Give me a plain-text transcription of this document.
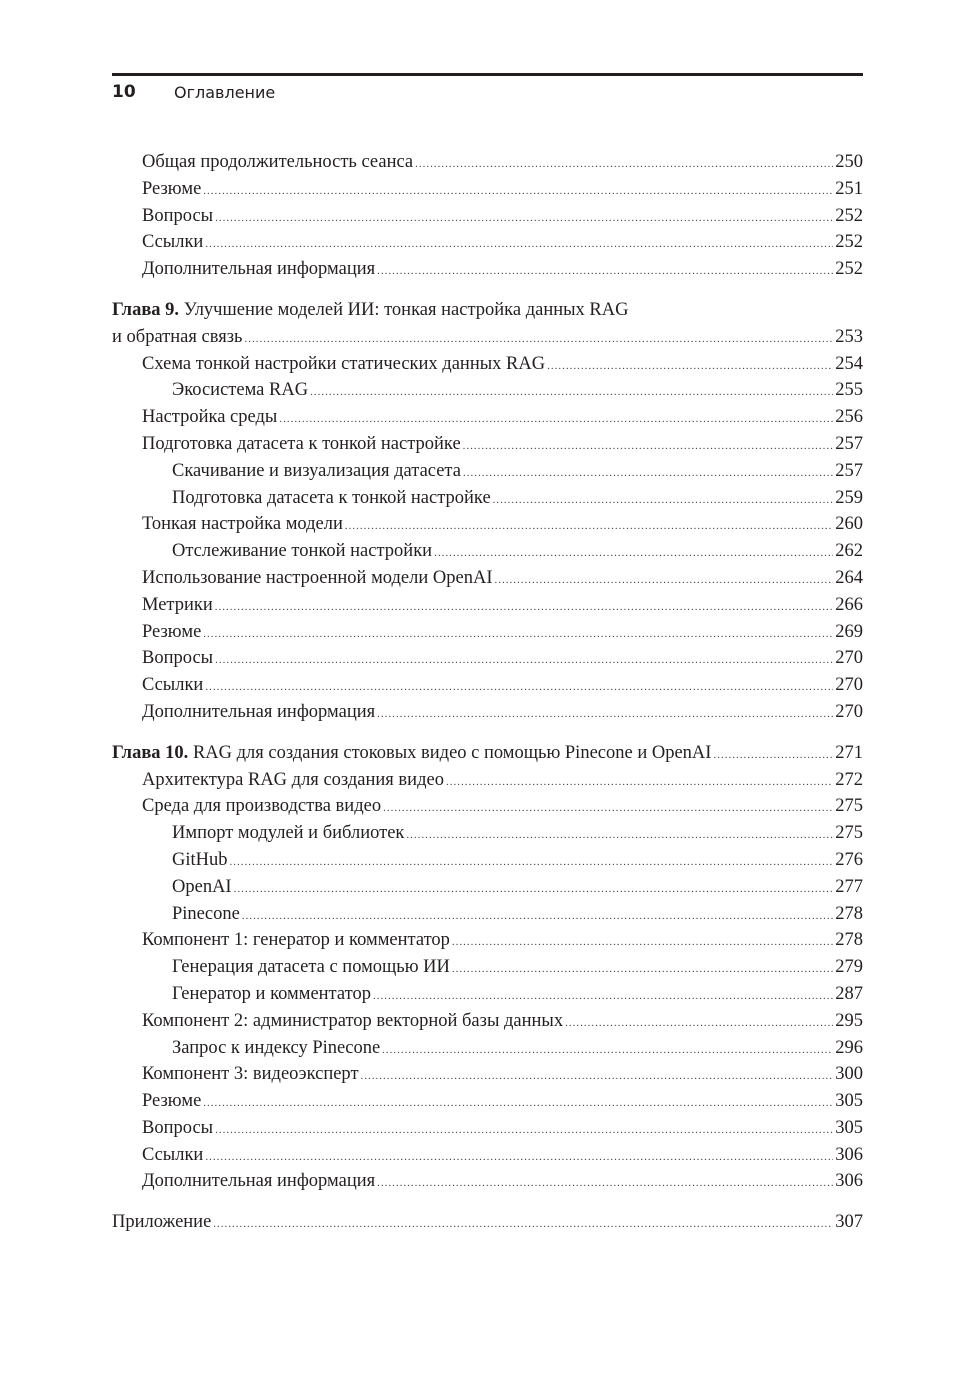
10 Оглавление
Общая продолжительность сеанса .....	250
Резюме .....	251
Вопросы .....	252
Ссылки .....	252
Дополнительная информация .....	252
Глава 9. Улучшение моделей ИИ: тонкая настройка данных RAG
и обратная связь .....	253
Схема тонкой настройки статических данных RAG .....	254
Экосистема RAG .....	255
Настройка среды .....	256
Подготовка датасета к тонкой настройке .....	257
Скачивание и визуализация датасета .....	257
Подготовка датасета к тонкой настройке .....	259
Тонкая настройка модели .....	260
Отслеживание тонкой настройки .....	262
Использование настроенной модели OpenAI .....	264
Метрики .....	266
Резюме .....	269
Вопросы .....	270
Ссылки .....	270
Дополнительная информация .....	270
Глава 10. RAG для создания стоковых видео с помощью Pinecone и OpenAI .....	271
Архитектура RAG для создания видео .....	272
Среда для производства видео .....	275
Импорт модулей и библиотек .....	275
GitHub .....	276
OpenAI .....	277
Pinecone .....	278
Компонент 1: генератор и комментатор .....	278
Генерация датасета с помощью ИИ .....	279
Генератор и комментатор .....	287
Компонент 2: администратор векторной базы данных .....	295
Запрос к индексу Pinecone .....	296
Компонент 3: видеоэксперт .....	300
Резюме .....	305
Вопросы .....	305
Ссылки .....	306
Дополнительная информация .....	306
Приложение .....	307
